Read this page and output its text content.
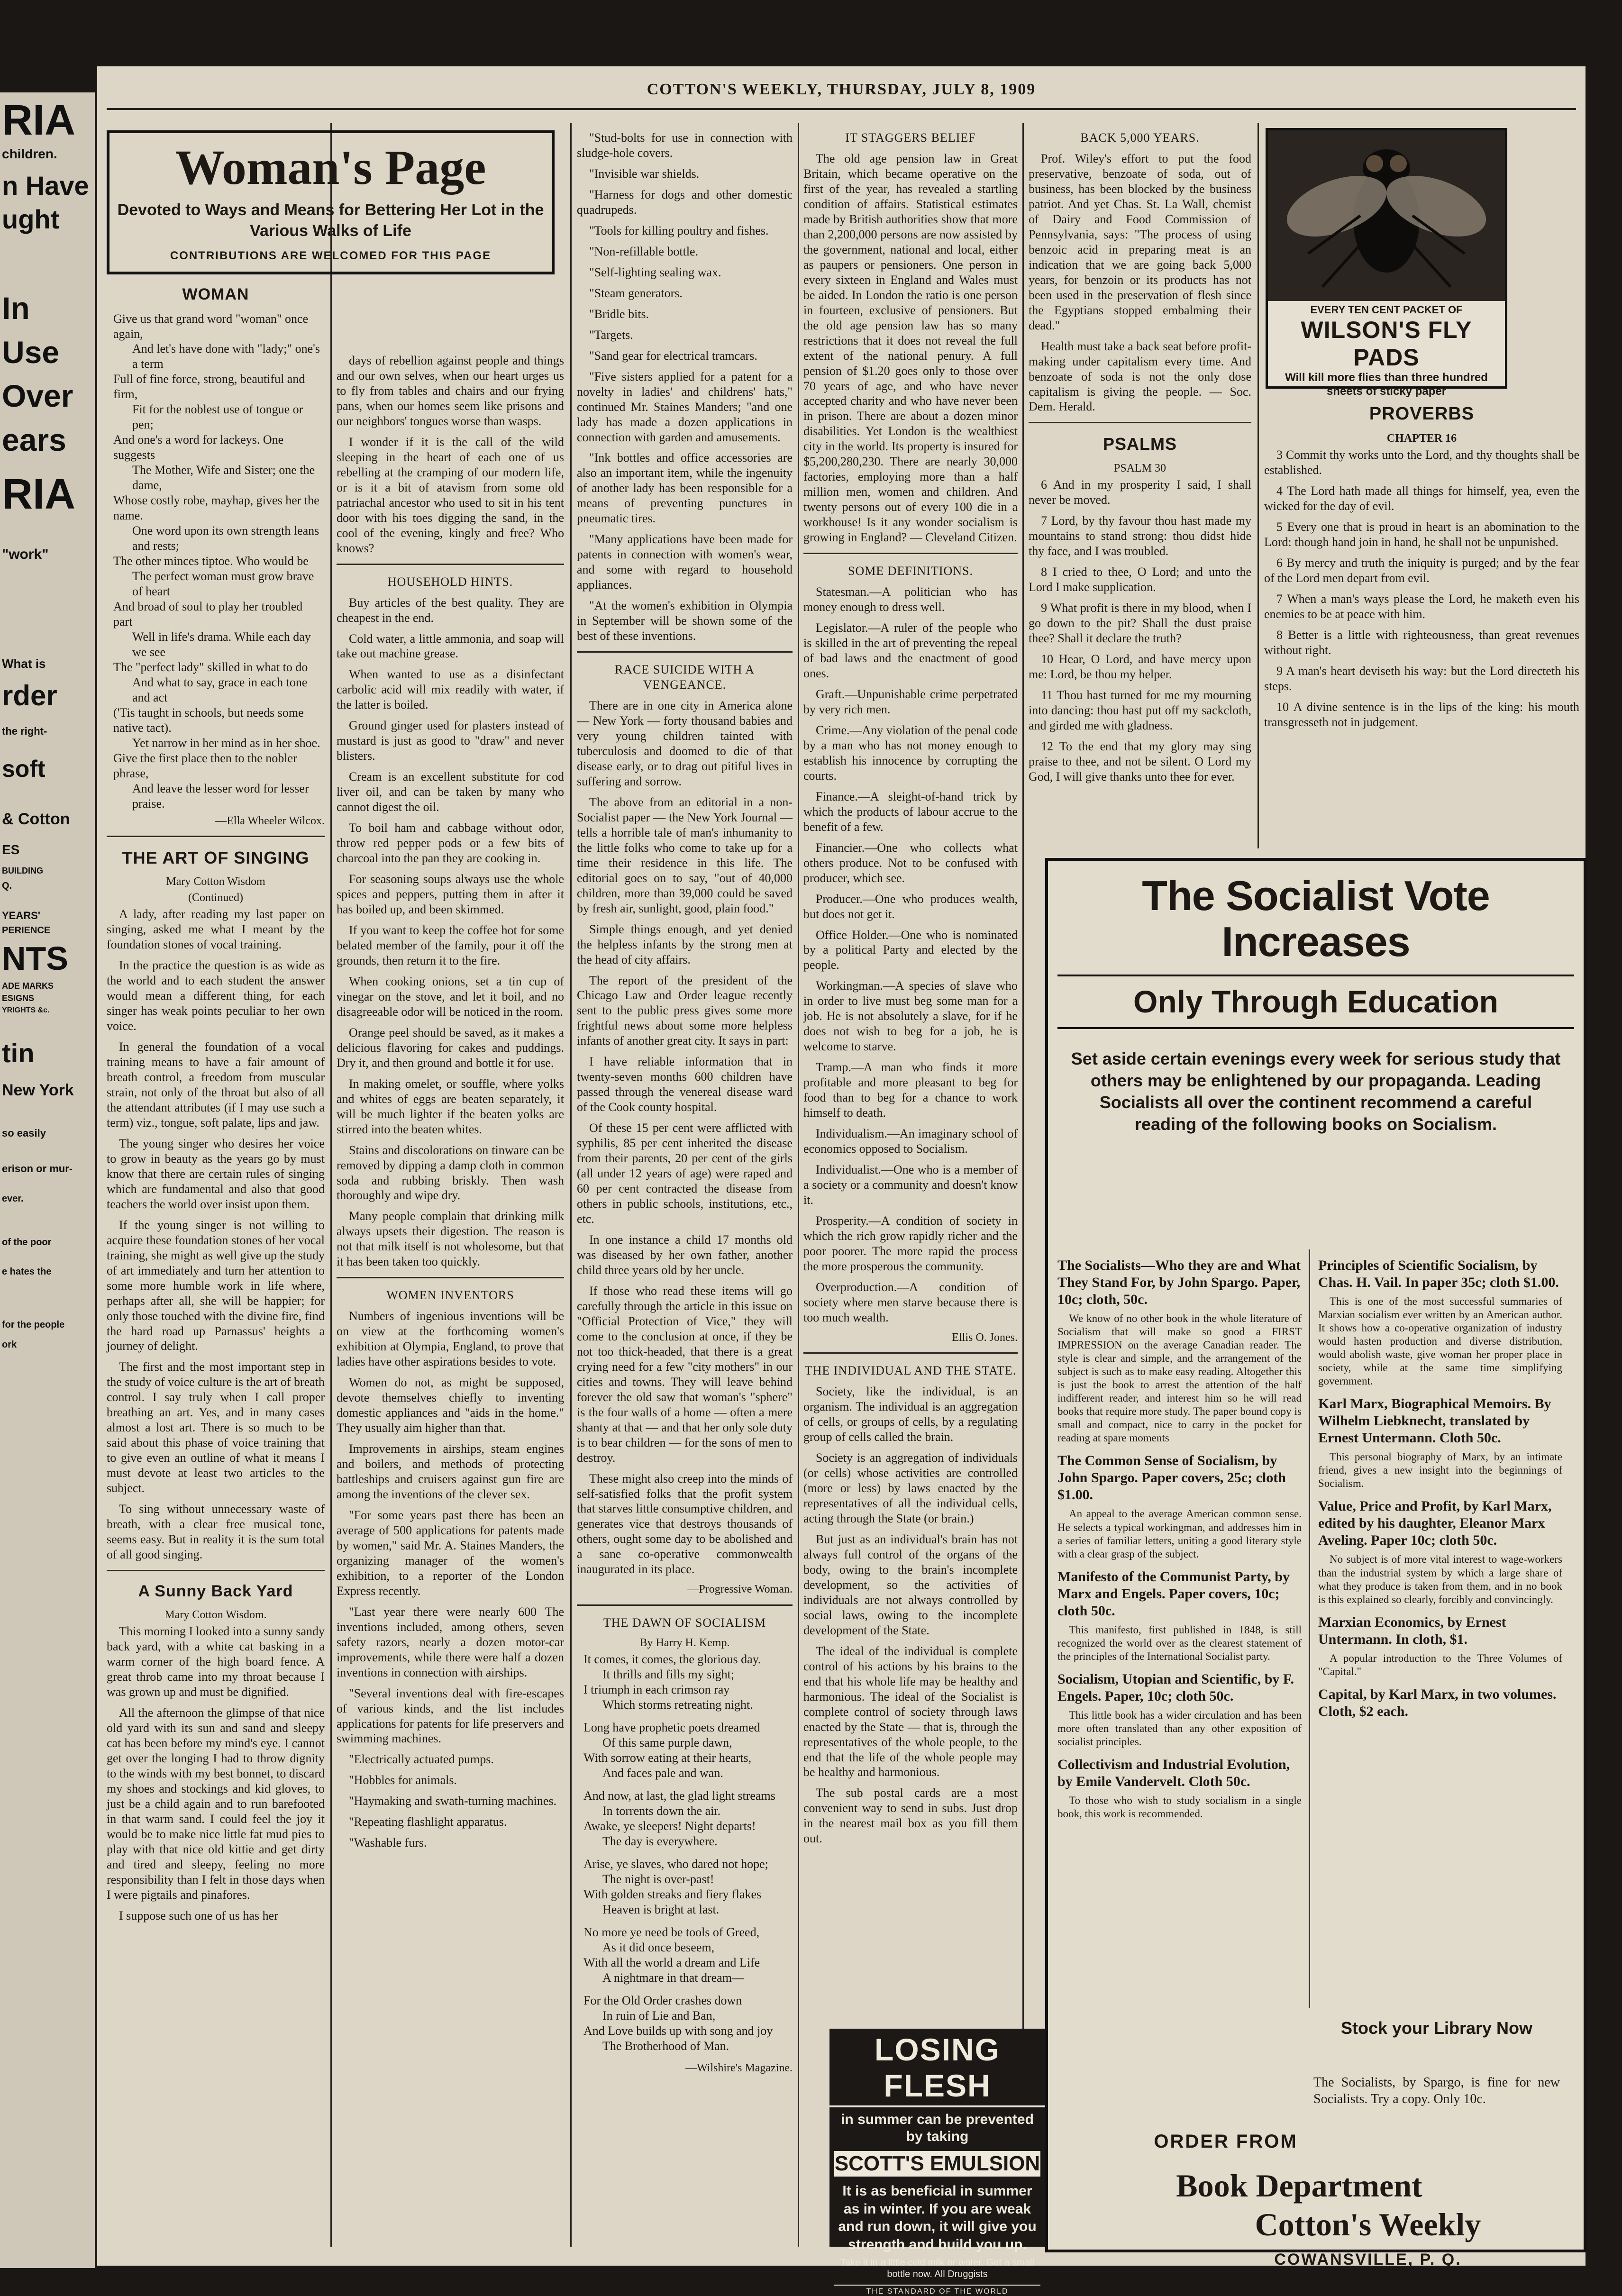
RIA
children.
n Have
ught
In
Use
Over
ears
RIA
"work"
What is
rder
the right-
soft
& Cotton
ES
BUILDING
Q.
YEARS'
PERIENCE
NTS
ADE MARKS
ESIGNS
YRIGHTS &c.
tin
New York
so easily
erison or mur-
ever.
of the poor
e hates the
for the people
ork
COTTON'S WEEKLY, THURSDAY, JULY 8, 1909
Woman's Page
Devoted to Ways and Means for Bettering Her Lot in the Various Walks of Life
CONTRIBUTIONS ARE WELCOMED FOR THIS PAGE
WOMAN
Give us that grand word "woman" once again,
And let's have done with "lady;" one's a term
Full of fine force, strong, beautiful and firm,
Fit for the noblest use of tongue or pen;
And one's a word for lackeys. One suggests
The Mother, Wife and Sister; one the dame,
Whose costly robe, mayhap, gives her the name.
One word upon its own strength leans and rests;
The other minces tiptoe. Who would be
The perfect woman must grow brave of heart
And broad of soul to play her troubled part
Well in life's drama. While each day we see
The "perfect lady" skilled in what to do
And what to say, grace in each tone and act
('Tis taught in schools, but needs some native tact).
Yet narrow in her mind as in her shoe.
Give the first place then to the nobler phrase,
And leave the lesser word for lesser praise.
—Ella Wheeler Wilcox.
THE ART OF SINGING
Mary Cotton Wisdom
(Continued)

A lady, after reading my last paper on singing, asked me what I meant by the foundation stones of vocal training.

In the practice the question is as wide as the world and to each student the answer would mean a different thing, for each singer has weak points peculiar to her own voice.

In general the foundation of a vocal training means to have a fair amount of breath control, a freedom from muscular strain, not only of the throat but also of all the attendant attributes (if I may use such a term) viz., tongue, soft palate, lips and jaw.

The young singer who desires her voice to grow in beauty as the years go by must know that there are certain rules of singing which are fundamental and also that good teachers the world over insist upon them.

If the young singer is not willing to acquire these foundation stones of her vocal training, she might as well give up the study of art immediately and turn her attention to some more humble work in life where, perhaps after all, she will be happier; for only those touched with the divine fire, find the hard road up Parnassus' heights a journey of delight.

The first and the most important step in the study of voice culture is the art of breath control. I say truly when I call proper breathing an art. Yes, and in many cases almost a lost art. There is so much to be said about this phase of voice training that to give even an outline of what it means I must devote at least two articles to the subject.

To sing without unnecessary waste of breath, with a clear free musical tone, seems easy. But in reality it is the sum total of all good singing.

A Sunny Back Yard
Mary Cotton Wisdom.

This morning I looked into a sunny sandy back yard, with a white cat basking in a warm corner of the high board fence. A great throb came into my throat because I was grown up and must be dignified.

All the afternoon the glimpse of that nice old yard with its sun and sand and sleepy cat has been before my mind's eye. I cannot get over the longing I had to throw dignity to the winds with my best bonnet, to discard my shoes and stockings and kid gloves, to just be a child again and to run barefooted in that warm sand. I could feel the joy it would be to make nice little fat mud pies to play with that nice old kittie and get dirty and tired and sleepy, feeling no more responsibility than I felt in those days when I were pigtails and pinafores.

I suppose such one of us has her

days of rebellion against people and things and our own selves, when our heart urges us to fly from tables and chairs and our frying pans, when our homes seem like prisons and our neighbors' tongues worse than wasps.

I wonder if it is the call of the wild sleeping in the heart of each one of us rebelling at the cramping of our modern life, or is it a bit of atavism from some old patriachal ancestor who used to sit in his tent door with his toes digging the sand, in the cool of the evening, kingly and free? Who knows?

HOUSEHOLD HINTS.

Buy articles of the best quality. They are cheapest in the end.

Cold water, a little ammonia, and soap will take out machine grease.

When wanted to use as a disinfectant carbolic acid will mix readily with water, if the latter is boiled.

Ground ginger used for plasters instead of mustard is just as good to "draw" and never blisters.

Cream is an excellent substitute for cod liver oil, and can be taken by many who cannot digest the oil.

To boil ham and cabbage without odor, throw red pepper pods or a few bits of charcoal into the pan they are cooking in.

For seasoning soups always use the whole spices and peppers, putting them in after it has boiled up, and been skimmed.

If you want to keep the coffee hot for some belated member of the family, pour it off the grounds, then return it to the fire.

When cooking onions, set a tin cup of vinegar on the stove, and let it boil, and no disagreeable odor will be noticed in the room.

Orange peel should be saved, as it makes a delicious flavoring for cakes and puddings. Dry it, and then ground and bottle it for use.

In making omelet, or souffle, where yolks and whites of eggs are beaten separately, it will be much lighter if the beaten yolks are stirred into the beaten whites.

Stains and discolorations on tinware can be removed by dipping a damp cloth in common soda and rubbing briskly. Then wash thoroughly and wipe dry.

Many people complain that drinking milk always upsets their digestion. The reason is not that milk itself is not wholesome, but that it has been taken too quickly.

WOMEN INVENTORS

Numbers of ingenious inventions will be on view at the forthcoming women's exhibition at Olympia, England, to prove that ladies have other aspirations besides to vote.

Women do not, as might be supposed, devote themselves chiefly to inventing domestic appliances and "aids in the home." They usually aim higher than that.

Improvements in airships, steam engines and boilers, and methods of protecting battleships and cruisers against gun fire are among the inventions of the clever sex.

"For some years past there has been an average of 500 applications for patents made by women," said Mr. A. Staines Manders, the organizing manager of the women's exhibition, to a reporter of the London Express recently.

"Last year there were nearly 600 The inventions included, among others, seven safety razors, nearly a dozen motor-car improvements, while there were half a dozen inventions in connection with airships.

"Several inventions deal with fire-escapes of various kinds, and the list includes applications for patents for life preservers and swimming machines.

"Electrically actuated pumps.

"Hobbles for animals.

"Haymaking and swath-turning machines.

"Repeating flashlight apparatus.

"Washable furs.

"Stud-bolts for use in connection with sludge-hole covers.

"Invisible war shields.

"Harness for dogs and other domestic quadrupeds.

"Tools for killing poultry and fishes.

"Non-refillable bottle.

"Self-lighting sealing wax.

"Steam generators.

"Bridle bits.

"Targets.

"Sand gear for electrical tramcars.

"Five sisters applied for a patent for a novelty in ladies' and childrens' hats," continued Mr. Staines Manders; "and one lady has made a dozen applications in connection with garden and amusements.

"Ink bottles and office accessories are also an important item, while the ingenuity of another lady has been responsible for a means of preventing punctures in pneumatic tires.

"Many applications have been made for patents in connection with women's wear, and some with regard to household appliances.

"At the women's exhibition in Olympia in September will be shown some of the best of these inventions.

RACE SUICIDE WITH A VENGEANCE.

There are in one city in America alone — New York — forty thousand babies and very young children tainted with tuberculosis and doomed to die of that disease early, or to drag out pitiful lives in suffering and sorrow.

The above from an editorial in a non-Socialist paper — the New York Journal — tells a horrible tale of man's inhumanity to the little folks who come to take up for a time their residence in this life. The editorial goes on to say, "out of 40,000 children, more than 39,000 could be saved by fresh air, sunlight, good, plain food."

Simple things enough, and yet denied the helpless infants by the strong men at the head of city affairs.

The report of the president of the Chicago Law and Order league recently sent to the public press gives some more frightful news about some more helpless infants of another great city. It says in part:

I have reliable information that in twenty-seven months 600 children have passed through the venereal disease ward of the Cook county hospital.

Of these 15 per cent were afflicted with syphilis, 85 per cent inherited the disease from their parents, 20 per cent of the girls (all under 12 years of age) were raped and 60 per cent contracted the disease from others in public schools, institutions, etc., etc.

In one instance a child 17 months old was diseased by her own father, another child three years old by her uncle.

If those who read these items will go carefully through the article in this issue on "Official Protection of Vice," they will come to the conclusion at once, if they be not too thick-headed, that there is a great crying need for a few "city mothers" in our cities and towns. They will leave behind forever the old saw that woman's "sphere" is the four walls of a home — often a mere shanty at that — and that her only sole duty is to bear children — for the sons of men to destroy.

These might also creep into the minds of self-satisfied folks that the profit system that starves little consumptive children, and generates vice that destroys thousands of others, ought some day to be abolished and a sane co-operative commonwealth inaugurated in its place.

—Progressive Woman.
THE DAWN OF SOCIALISM
By Harry H. Kemp.
It comes, it comes, the glorious day.
It thrills and fills my sight;
I triumph in each crimson ray
Which storms retreating night.
Long have prophetic poets dreamed
Of this same purple dawn,
With sorrow eating at their hearts,
And faces pale and wan.
And now, at last, the glad light streams
In torrents down the air.
Awake, ye sleepers! Night departs!
The day is everywhere.
Arise, ye slaves, who dared not hope;
The night is over-past!
With golden streaks and fiery flakes
Heaven is bright at last.
No more ye need be tools of Greed,
As it did once beseem,
With all the world a dream and Life
A nightmare in that dream—
For the Old Order crashes down
In ruin of Lie and Ban,
And Love builds up with song and joy
The Brotherhood of Man.
—Wilshire's Magazine.
IT STAGGERS BELIEF

The old age pension law in Great Britain, which became operative on the first of the year, has revealed a startling condition of affairs. Statistical estimates made by British authorities show that more than 2,200,000 persons are now assisted by the government, national and local, either as paupers or pensioners. One person in every sixteen in England and Wales must be aided. In London the ratio is one person in fourteen, exclusive of pensioners. But the old age pension law has so many restrictions that it does not reveal the full extent of the national penury. A full pension of $1.20 goes only to those over 70 years of age, and who have never accepted charity and who have never been in prison. There are about a dozen minor disabilities. Yet London is the wealthiest city in the world. Its property is insured for $5,200,280,230. There are nearly 30,000 factories, employing more than a half million men, women and children. And twenty persons out of every 100 die in a workhouse! Is it any wonder socialism is growing in England? — Cleveland Citizen.

SOME DEFINITIONS.

Statesman.—A politician who has money enough to dress well.

Legislator.—A ruler of the people who is skilled in the art of preventing the repeal of bad laws and the enactment of good ones.

Graft.—Unpunishable crime perpetrated by very rich men.

Crime.—Any violation of the penal code by a man who has not money enough to establish his innocence by corrupting the courts.

Finance.—A sleight-of-hand trick by which the products of labour accrue to the benefit of a few.

Financier.—One who collects what others produce. Not to be confused with producer, which see.

Producer.—One who produces wealth, but does not get it.

Office Holder.—One who is nominated by a political Party and elected by the people.

Workingman.—A species of slave who in order to live must beg some man for a job. He is not absolutely a slave, for if he does not wish to beg for a job, he is welcome to starve.

Tramp.—A man who finds it more profitable and more pleasant to beg for food than to beg for a chance to work himself to death.

Individualism.—An imaginary school of economics opposed to Socialism.

Individualist.—One who is a member of a society or a community and doesn't know it.

Prosperity.—A condition of society in which the rich grow rapidly richer and the poor poorer. The more rapid the process the more prosperous the community.

Overproduction.—A condition of society where men starve because there is too much wealth.

Ellis O. Jones.
THE INDIVIDUAL AND THE STATE.

Society, like the individual, is an organism. The individual is an aggregation of cells, or groups of cells, by a regulating group of cells called the brain.

Society is an aggregation of individuals (or cells) whose activities are controlled (more or less) by laws enacted by the representatives of all the individual cells, acting through the State (or brain.)

But just as an individual's brain has not always full control of the organs of the body, owing to the brain's incomplete development, so the activities of individuals are not always controlled by social laws, owing to the incomplete development of the State.

The ideal of the individual is complete control of his actions by his brains to the end that his whole life may be healthy and harmonious. The ideal of the Socialist is complete control of society through laws enacted by the State — that is, through the representatives of the whole people, to the end that the life of the whole people may be healthy and harmonious.

The sub postal cards are a most convenient way to send in subs. Just drop in the nearest mail box as you fill them out.

LOSING FLESH
in summer can be prevented by taking
SCOTT'S EMULSION
It is as beneficial in summer as in winter. If you are weak and run down, it will give you strength and build you up.
Take it in a little cold milk or water. Get a small bottle now. All Druggists
THE STANDARD OF THE WORLD
BACK 5,000 YEARS.

Prof. Wiley's effort to put the food preservative, benzoate of soda, out of business, has been blocked by the business patriot. And yet Chas. St. La Wall, chemist of Dairy and Food Commission of Pennsylvania, says: "The process of using benzoic acid in preparing meat is an indication that we are going back 5,000 years, for benzoin or its products has not been used in the preservation of flesh since the Egyptians stopped embalming their dead."

Health must take a back seat before profit-making under capitalism every time. And benzoate of soda is not the only dose capitalism is giving the people. — Soc. Dem. Herald.

PSALMS
PSALM 30

6 And in my prosperity I said, I shall never be moved.

7 Lord, by thy favour thou hast made my mountains to stand strong: thou didst hide thy face, and I was troubled.

8 I cried to thee, O Lord; and unto the Lord I make supplication.

9 What profit is there in my blood, when I go down to the pit? Shall the dust praise thee? Shall it declare the truth?

10 Hear, O Lord, and have mercy upon me: Lord, be thou my helper.

11 Thou hast turned for me my mourning into dancing: thou hast put off my sackcloth, and girded me with gladness.

12 To the end that my glory may sing praise to thee, and not be silent. O Lord my God, I will give thanks unto thee for ever.

EVERY TEN CENT PACKET OF
WILSON'S FLY PADS
Will kill more flies than three hundred sheets of sticky paper
PROVERBS
CHAPTER 16

3 Commit thy works unto the Lord, and thy thoughts shall be established.

4 The Lord hath made all things for himself, yea, even the wicked for the day of evil.

5 Every one that is proud in heart is an abomination to the Lord: though hand join in hand, he shall not be unpunished.

6 By mercy and truth the iniquity is purged; and by the fear of the Lord men depart from evil.

7 When a man's ways please the Lord, he maketh even his enemies to be at peace with him.

8 Better is a little with righteousness, than great revenues without right.

9 A man's heart deviseth his way: but the Lord directeth his steps.

10 A divine sentence is in the lips of the king: his mouth transgresseth not in judgement.

The Socialist Vote Increases
Only Through Education
Set aside certain evenings every week for serious study that others may be enlightened by our propaganda. Leading Socialists all over the continent recommend a careful reading of the following books on Socialism.
The Socialists—Who they are and What They Stand For, by John Spargo. Paper, 10c; cloth, 50c.

We know of no other book in the whole literature of Socialism that will make so good a FIRST IMPRESSION on the average Canadian reader. The style is clear and simple, and the arrangement of the subject is such as to make easy reading. Altogether this is just the book to arrest the attention of the half indifferent reader, and interest him so he will read books that require more study. The paper bound copy is small and compact, nice to carry in the pocket for reading at spare moments

The Common Sense of Socialism, by John Spargo. Paper covers, 25c; cloth $1.00.

An appeal to the average American common sense. He selects a typical workingman, and addresses him in a series of familiar letters, uniting a good literary style with a clear grasp of the subject.

Manifesto of the Communist Party, by Marx and Engels. Paper covers, 10c; cloth 50c.

This manifesto, first published in 1848, is still recognized the world over as the clearest statement of the principles of the International Socialist party.

Socialism, Utopian and Scientific, by F. Engels. Paper, 10c; cloth 50c.

This little book has a wider circulation and has been more often translated than any other exposition of socialist principles.

Collectivism and Industrial Evolution, by Emile Vandervelt. Cloth 50c.

To those who wish to study socialism in a single book, this work is recommended.

Principles of Scientific Socialism, by Chas. H. Vail. In paper 35c; cloth $1.00.

This is one of the most successful summaries of Marxian socialism ever written by an American author. It shows how a co-operative organization of industry would hasten production and diverse distribution, would abolish waste, give woman her proper place in society, while at the same time simplifying government.

Karl Marx, Biographical Memoirs. By Wilhelm Liebknecht, translated by Ernest Untermann. Cloth 50c.

This personal biography of Marx, by an intimate friend, gives a new insight into the beginnings of Socialism.

Value, Price and Profit, by Karl Marx, edited by his daughter, Eleanor Marx Aveling. Paper 10c; cloth 50c.

No subject is of more vital interest to wage-workers than the industrial system by which a large share of what they produce is taken from them, and in no book is this explained so clearly, forcibly and convincingly.

Marxian Economics, by Ernest Untermann. In cloth, $1.

A popular introduction to the Three Volumes of "Capital."

Capital, by Karl Marx, in two volumes. Cloth, $2 each.
Stock your Library Now
The Socialists, by Spargo, is fine for new Socialists. Try a copy. Only 10c.
ORDER FROM
Book Department
Cotton's Weekly
COWANSVILLE, P. Q.
